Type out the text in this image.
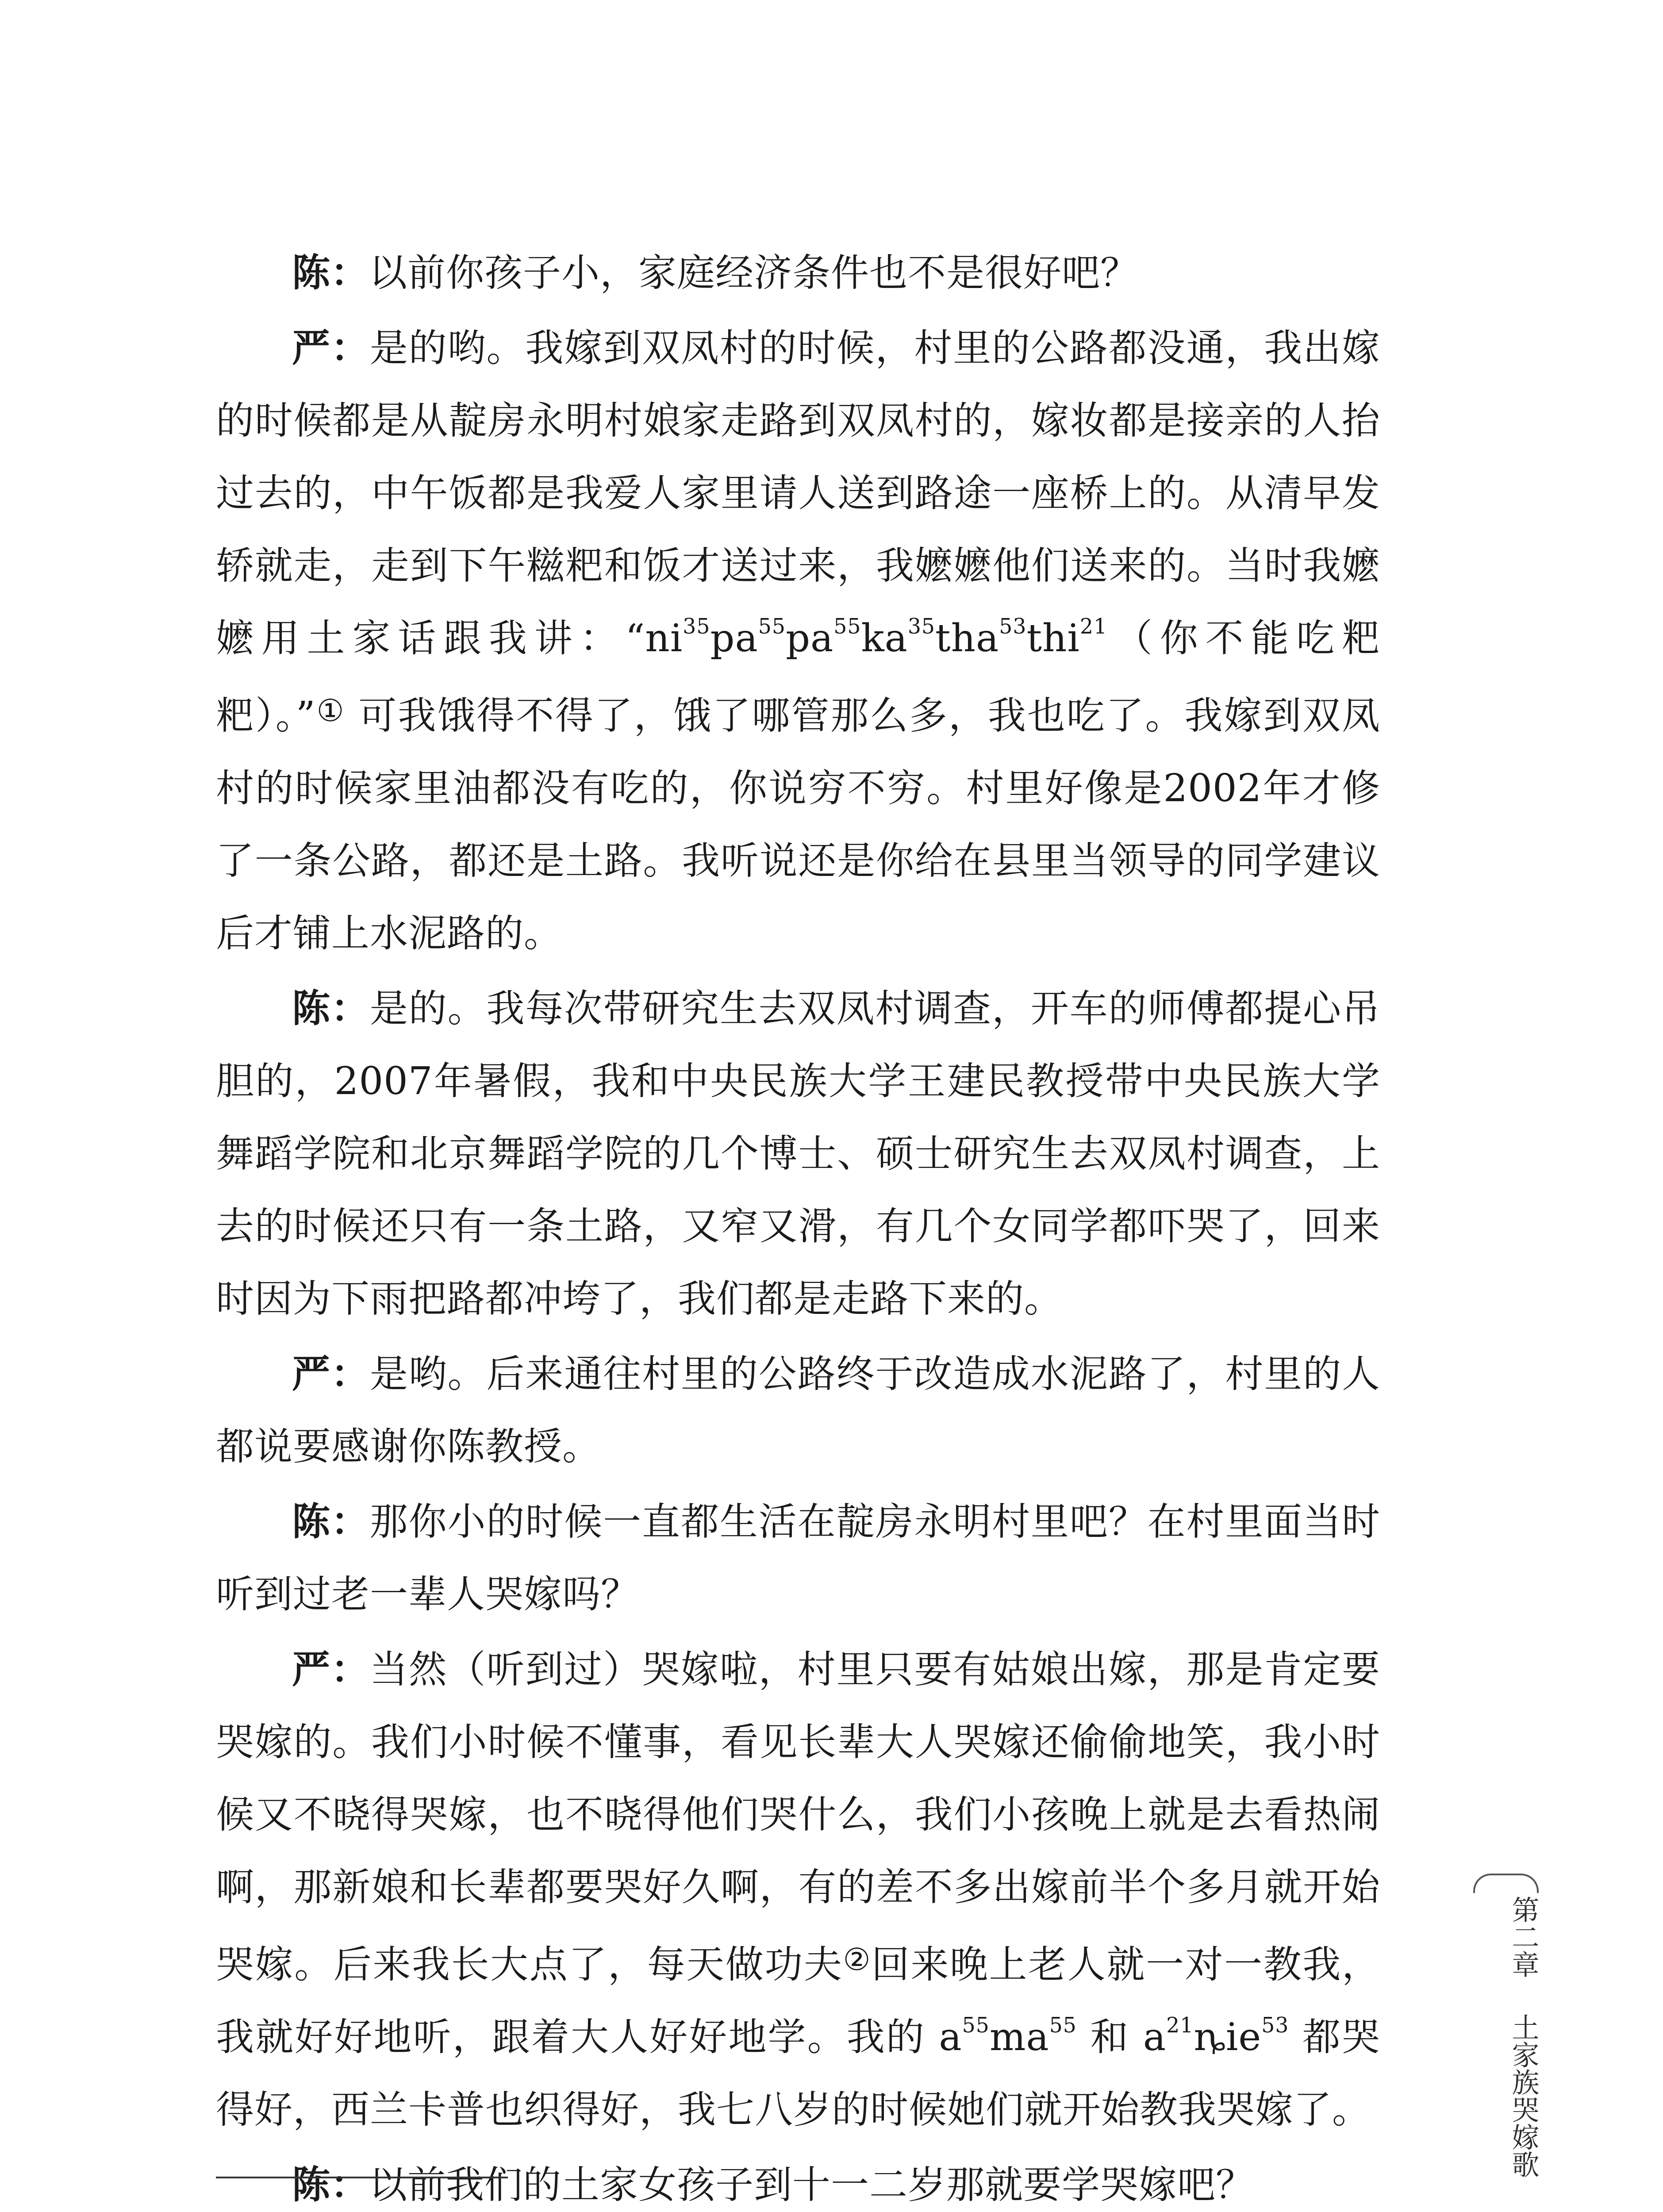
陈：以前你孩子小，家庭经济条件也不是很好吧？

严：是的哟。我嫁到双凤村的时候，村里的公路都没通，我出嫁的时候都是从靛房永明村娘家走路到双凤村的，嫁妆都是接亲的人抬过去的，中午饭都是我爱人家里请人送到路途一座桥上的。从清早发轿就走，走到下午糍粑和饭才送过来，我嬷嬷他们送来的。当时我嬷嬷用土家话跟我讲：“$ni^{35}pa^{55}pa^{55}ka^{35}tha^{53}thi^{21}$（你不能吃粑粑）。”① 可我饿得不得了，饿了哪管那么多，我也吃了。我嫁到双凤村的时候家里油都没有吃的，你说穷不穷。村里好像是2002年才修了一条公路，都还是土路。我听说还是你给在县里当领导的同学建议后才铺上水泥路的。

陈：是的。我每次带研究生去双凤村调查，开车的师傅都提心吊胆的，2007年暑假，我和中央民族大学王建民教授带中央民族大学舞蹈学院和北京舞蹈学院的几个博士、硕士研究生去双凤村调查，上去的时候还只有一条土路，又窄又滑，有几个女同学都吓哭了，回来时因为下雨把路都冲垮了，我们都是走路下来的。

严：是哟。后来通往村里的公路终于改造成水泥路了，村里的人都说要感谢你陈教授。

陈：那你小的时候一直都生活在靛房永明村里吧？在村里面当时听到过老一辈人哭嫁吗？

严：当然（听到过）哭嫁啦，村里只要有姑娘出嫁，那是肯定要哭嫁的。我们小时候不懂事，看见长辈大人哭嫁还偷偷地笑，我小时候又不晓得哭嫁，也不晓得他们哭什么，我们小孩晚上就是去看热闹啊，那新娘和长辈都要哭好久啊，有的差不多出嫁前半个多月就开始哭嫁。后来我长大点了，每天做功夫②回来晚上老人就一对一教我，我就好好地听，跟着大人好好地学。我的 $a^{55}ma^{55}$ 和 $a^{21}ȵie^{53}$ 都哭得好，西兰卡普也织得好，我七八岁的时候她们就开始教我哭嫁了。

陈：以前我们的土家女孩子到十一二岁那就要学哭嫁吧？

第二章
土家族哭嫁歌
